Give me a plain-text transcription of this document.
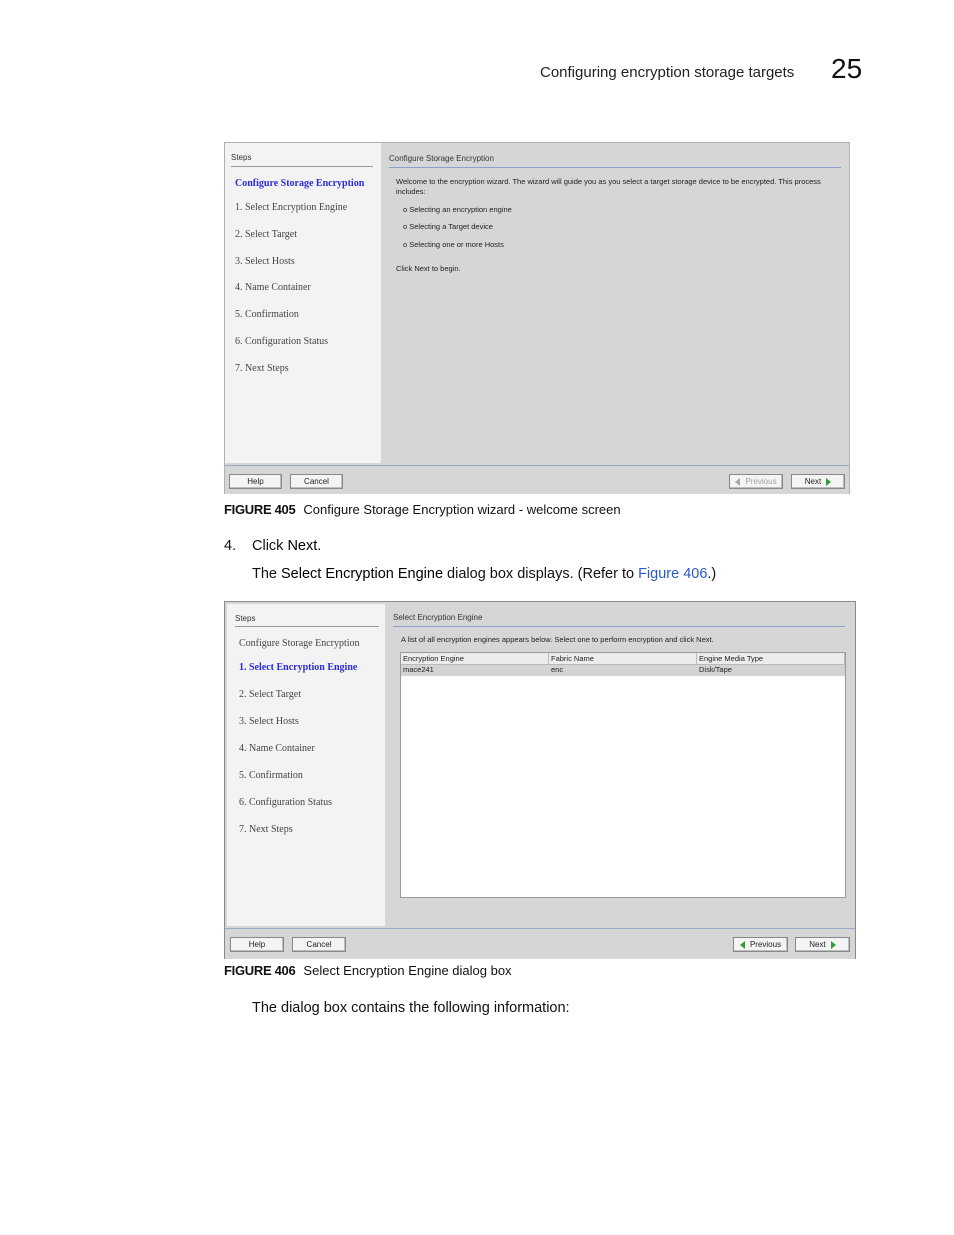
Configuring encryption storage targets 25
Steps
Configure Storage Encryption
1. Select Encryption Engine
2. Select Target
3. Select Hosts
4. Name Container
5. Confirmation
6. Configuration Status
7. Next Steps
Configure Storage Encryption
Welcome to the encryption wizard. The wizard will guide you as you select a target storage device to be encrypted. This process includes:
o Selecting an encryption engine
o Selecting a Target device
o Selecting one or more Hosts
Click Next to begin.
Help	Cancel	Previous	Next
FIGURE 405 Configure Storage Encryption wizard - welcome screen
4. Click Next.
The Select Encryption Engine dialog box displays. (Refer to Figure 406.)
Steps
Configure Storage Encryption
1. Select Encryption Engine
2. Select Target
3. Select Hosts
4. Name Container
5. Confirmation
6. Configuration Status
7. Next Steps
Select Encryption Engine
A list of all encryption engines appears below. Select one to perform encryption and click Next.
Encryption Engine	Fabric Name	Engine Media Type
mace241	enc	Disk/Tape
Help	Cancel	Previous	Next
FIGURE 406 Select Encryption Engine dialog box
The dialog box contains the following information:
